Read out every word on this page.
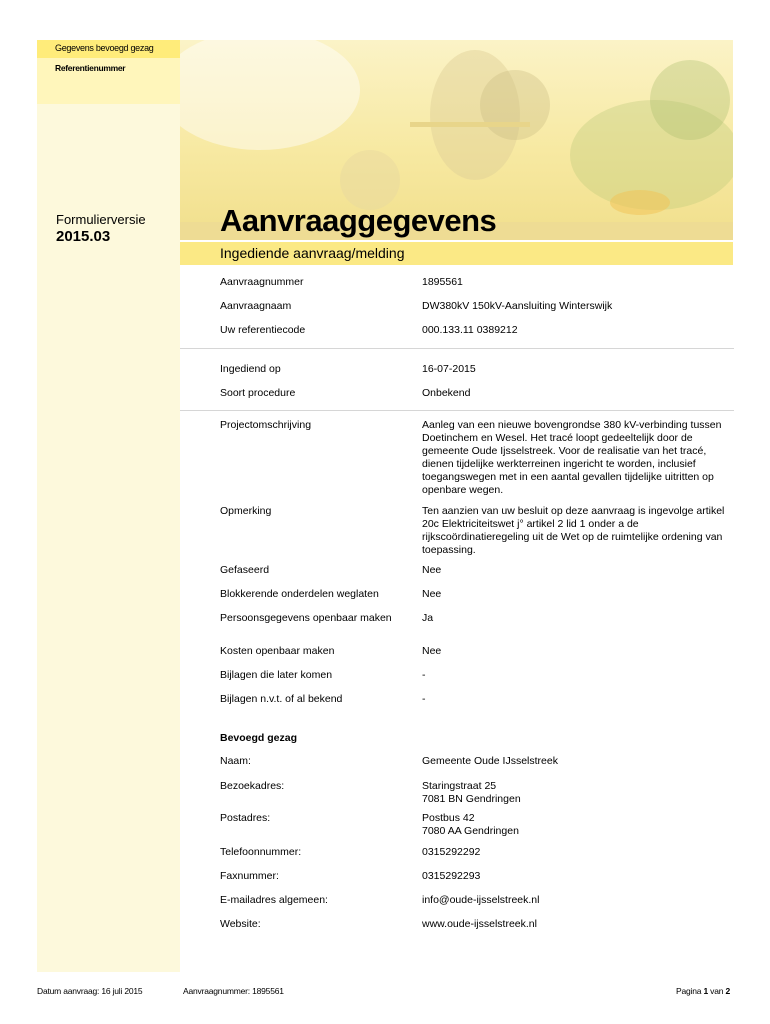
Gegevens bevoegd gezag
Referentienummer
Formulierversie
2015.03	Aanvraaggegevens
Ingediende aanvraag/melding
Aanvraagnummer	1895561
Aanvraagnaam	DW380kV 150kV-Aansluiting Winterswijk
Uw referentiecode	000.133.11 0389212
Ingediend op	16-07-2015
Soort procedure	Onbekend
Projectomschrijving	Aanleg van een nieuwe bovengrondse 380 kV-verbinding tussen Doetinchem en Wesel. Het tracé loopt gedeeltelijk door de gemeente Oude Ijsselstreek. Voor de realisatie van het tracé, dienen tijdelijke werkterreinen ingericht te worden, inclusief toegangswegen met in een aantal gevallen tijdelijke uitritten op openbare wegen.
Opmerking	Ten aanzien van uw besluit op deze aanvraag is ingevolge artikel 20c Elektriciteitswet j° artikel 2 lid 1 onder a de rijkscoördinatieregeling uit de Wet op de ruimtelijke ordening van toepassing.
Gefaseerd	Nee
Blokkerende onderdelen weglaten	Nee
Persoonsgegevens openbaar maken	Ja
Kosten openbaar maken	Nee
Bijlagen die later komen	-
Bijlagen n.v.t. of al bekend	-
Bevoegd gezag
Naam:	Gemeente Oude IJsselstreek
Bezoekadres:	Staringstraat 25
7081 BN Gendringen
Postadres:	Postbus 42
7080 AA Gendringen
Telefoonnummer:	0315292292
Faxnummer:	0315292293
E-mailadres algemeen:	info@oude-ijsselstreek.nl
Website:	www.oude-ijsselstreek.nl
Datum aanvraag: 16 juli 2015	Aanvraagnummer: 1895561	Pagina 1 van 2
